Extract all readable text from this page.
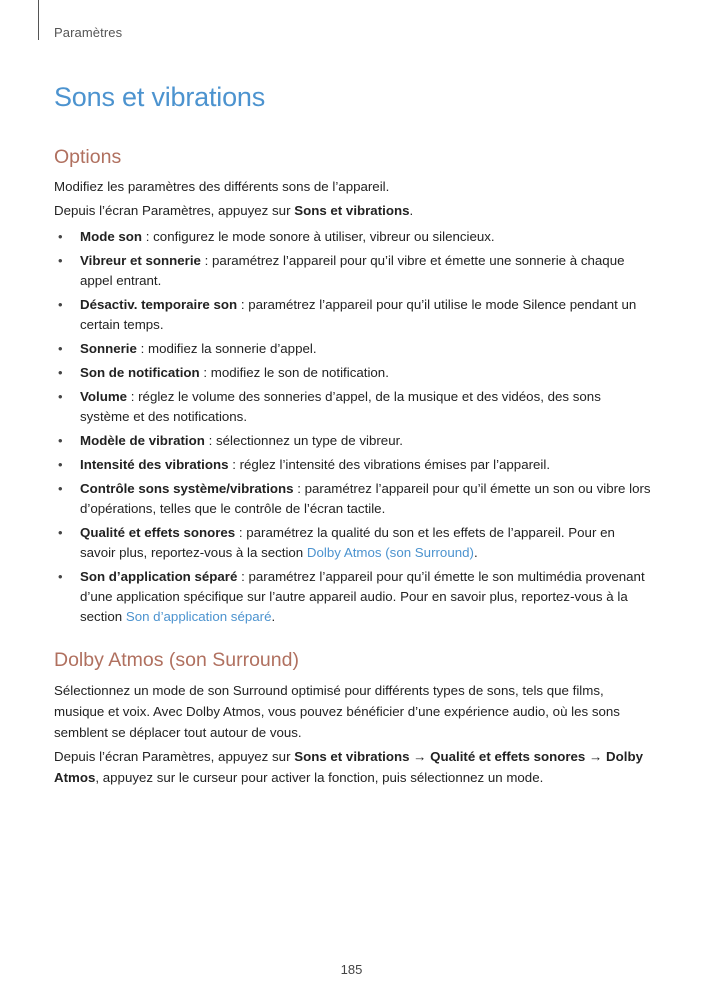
Paramètres
Sons et vibrations
Options

Modifiez les paramètres des différents sons de l’appareil.

Depuis l’écran Paramètres, appuyez sur Sons et vibrations.

• Mode son : configurez le mode sonore à utiliser, vibreur ou silencieux.
• Vibreur et sonnerie : paramétrez l’appareil pour qu’il vibre et émette une sonnerie à chaque appel entrant.
• Désactiv. temporaire son : paramétrez l’appareil pour qu’il utilise le mode Silence pendant un certain temps.
• Sonnerie : modifiez la sonnerie d’appel.
• Son de notification : modifiez le son de notification.
• Volume : réglez le volume des sonneries d’appel, de la musique et des vidéos, des sons système et des notifications.
• Modèle de vibration : sélectionnez un type de vibreur.
• Intensité des vibrations : réglez l’intensité des vibrations émises par l’appareil.
• Contrôle sons système/vibrations : paramétrez l’appareil pour qu’il émette un son ou vibre lors d’opérations, telles que le contrôle de l’écran tactile.
• Qualité et effets sonores : paramétrez la qualité du son et les effets de l’appareil. Pour en savoir plus, reportez-vous à la section Dolby Atmos (son Surround).
• Son d’application séparé : paramétrez l’appareil pour qu’il émette le son multimédia provenant d’une application spécifique sur l’autre appareil audio. Pour en savoir plus, reportez-vous à la section Son d’application séparé.
Dolby Atmos (son Surround)

Sélectionnez un mode de son Surround optimisé pour différents types de sons, tels que films, musique et voix. Avec Dolby Atmos, vous pouvez bénéficier d’une expérience audio, où les sons semblent se déplacer tout autour de vous.

Depuis l’écran Paramètres, appuyez sur Sons et vibrations → Qualité et effets sonores → Dolby Atmos, appuyez sur le curseur pour activer la fonction, puis sélectionnez un mode.

185
